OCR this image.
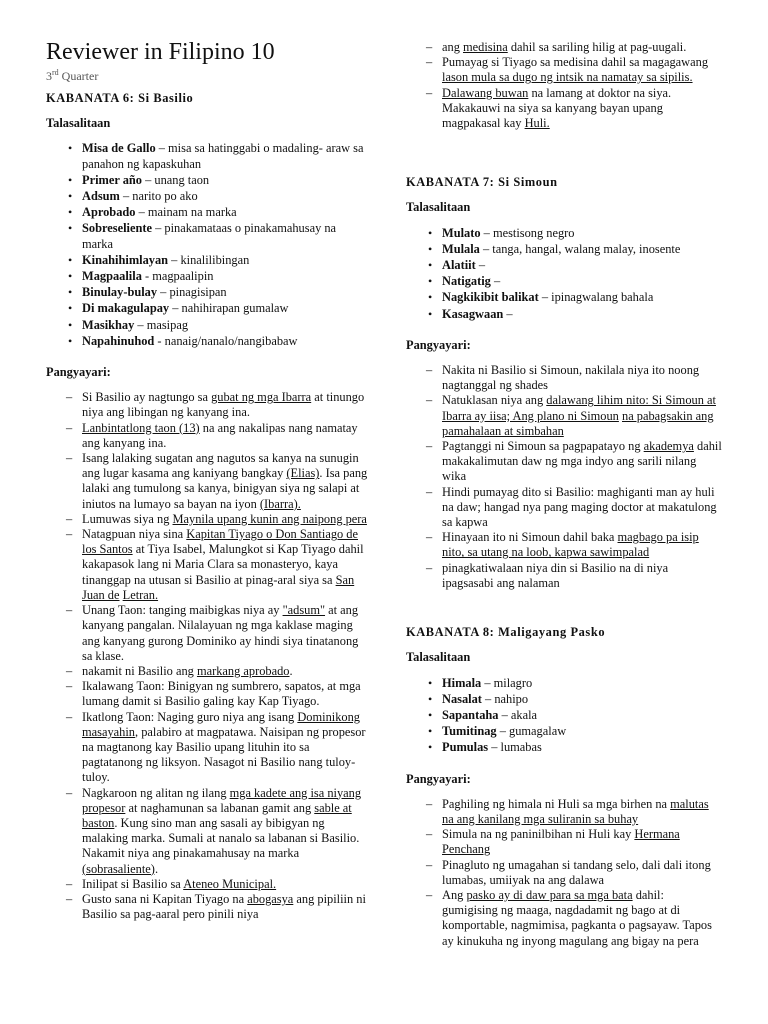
Reviewer in Filipino 10

3rd Quarter

KABANATA 6: Si Basilio

Talasalitaan

• Misa de Gallo – misa sa hatinggabi o madaling- araw sa panahon ng kapaskuhan
• Primer año – unang taon
• Adsum – narito po ako
• Aprobado – mainam na marka
• Sobreseliente – pinakamataas o pinakamahusay na marka
• Kinahihimlayan – kinalilibingan
• Magpaalila - magpaalipin
• Binulay-bulay – pinagisipan
• Di makagulapay – nahihirapan gumalaw
• Masikhay – masipag
• Napahinuhod - nanaig/nanalo/nangibabaw

Pangyayari:

– Si Basilio ay nagtungo sa gubat ng mga Ibarra at tinungo niya ang libingan ng kanyang ina.
– Lanbintatlong taon (13) na ang nakalipas nang namatay ang kanyang ina.
– Isang lalaking sugatan ang nagutos sa kanya na sunugin ang lugar kasama ang kaniyang bangkay (Elias). Isa pang lalaki ang tumulong sa kanya, binigyan siya ng salapi at iniutos na lumayo sa bayan na iyon (Ibarra).
– Lumuwas siya ng Maynila upang kunin ang naipong pera
– Natagpuan niya sina Kapitan Tiyago o Don Santiago de los Santos at Tiya Isabel, Malungkot si Kap Tiyago dahil kakapasok lang ni Maria Clara sa monasteryo, kaya tinanggap na utusan si Basilio at pinag-aral siya sa San Juan de Letran.
– Unang Taon: tanging maibigkas niya ay "adsum" at ang kanyang pangalan. Nilalayuan ng mga kaklase maging ang kanyang gurong Dominiko ay hindi siya tinatanong sa klase.
– nakamit ni Basilio ang markang aprobado.
– Ikalawang Taon: Binigyan ng sumbrero, sapatos, at mga lumang damit si Basilio galing kay Kap Tiyago.
– Ikatlong Taon: Naging guro niya ang isang Dominikong masayahin, palabiro at magpatawa. Naisipan ng propesor na magtanong kay Basilio upang lituhin ito sa pagtatanong ng liksyon. Nasagot ni Basilio nang tuloy-tuloy.
– Nagkaroon ng alitan ng ilang mga kadete ang isa niyang propesor at naghamunan sa labanan gamit ang sable at baston. Kung sino man ang sasali ay bibigyan ng malaking marka. Sumali at nanalo sa labanan si Basilio. Nakamit niya ang pinakamahusay na marka (sobrasaliente).
– Inilipat si Basilio sa Ateneo Municipal.
– Gusto sana ni Kapitan Tiyago na abogasya ang pipiliin ni Basilio sa pag-aaral pero pinili niya
– ang medisina dahil sa sariling hilig at pag-uugali.
– Pumayag si Tiyago sa medisina dahil sa magagawang lason mula sa dugo ng intsik na namatay sa sipilis.
– Dalawang buwan na lamang at doktor na siya. Makakauwi na siya sa kanyang bayan upang magpakasal kay Huli.

KABANATA 7: Si Simoun

Talasalitaan

• Mulato – mestisong negro
• Mulala – tanga, hangal, walang malay, inosente
• Alatiit –
• Natigatig –
• Nagkikibit balikat – ipinagwalang bahala
• Kasagwaan –

Pangyayari:

– Nakita ni Basilio si Simoun, nakilala niya ito noong nagtanggal ng shades
– Natuklasan niya ang dalawang lihim nito: Si Simoun at Ibarra ay iisa; Ang plano ni Simoun na pabagsakin ang pamahalaan at simbahan
– Pagtanggi ni Simoun sa pagpapatayo ng akademya dahil makakalimutan daw ng mga indyo ang sarili nilang wika
– Hindi pumayag dito si Basilio: maghiganti man ay huli na daw; hangad nya pang maging doctor at makatulong sa kapwa
– Hinayaan ito ni Simoun dahil baka magbago pa isip nito, sa utang na loob, kapwa sawimpalad
– pinagkatiwalaan niya din si Basilio na di niya ipagsasabi ang nalaman

KABANATA 8: Maligayang Pasko

Talasalitaan

• Himala – milagro
• Nasalat – nahipo
• Sapantaha – akala
• Tumitinag – gumagalaw
• Pumulas – lumabas

Pangyayari:

– Paghiling ng himala ni Huli sa mga birhen na malutas na ang kanilang mga suliranin sa buhay
– Simula na ng paninilbihan ni Huli kay Hermana Penchang
– Pinagluto ng umagahan si tandang selo, dali dali itong lumabas, umiiyak na ang dalawa
– Ang pasko ay di daw para sa mga bata dahil: gumigising ng maaga, nagdadamit ng bago at di komportable, nagmimisa, pagkanta o pagsayaw. Tapos ay kinukuha ng inyong magulang ang bigay na pera
